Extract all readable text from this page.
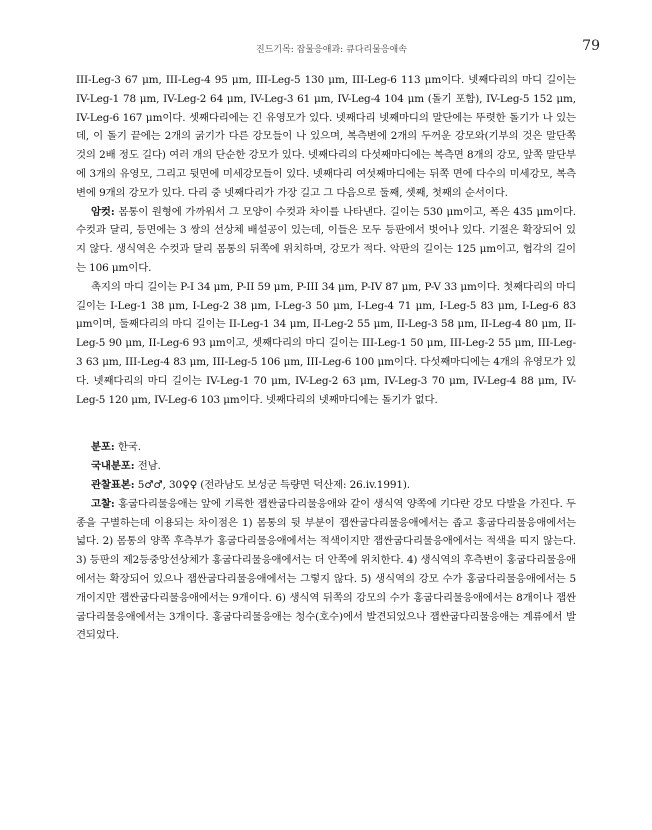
진드기목: 잡물응애과: 큐다리물응애속	79

III-Leg-3 67 μm, III-Leg-4 95 μm, III-Leg-5 130 μm, III-Leg-6 113 μm이다. 넷째다리의 마디 길이는 IV-Leg-1 78 μm, IV-Leg-2 64 μm, IV-Leg-3 61 μm, IV-Leg-4 104 μm (돌기 포함), IV-Leg-5 152 μm, IV-Leg-6 167 μm이다. 셋째다리에는 긴 유영모가 있다. 넷째다리 넷째마디의 말단에는 뚜렷한 돌기가 나 있는데, 이 돌기 끝에는 2개의 굵기가 다른 강모들이 나 있으며, 복측변에 2개의 두꺼운 강모와(기부의 것은 말단쪽 것의 2배 정도 길다) 여러 개의 단순한 강모가 있다. 넷째다리의 다섯째마디에는 복측면 8개의 강모, 앞쪽 말단부에 3개의 유영모, 그리고 뒷면에 미세강모들이 있다. 넷째다리 여섯째마디에는 뒤쪽 면에 다수의 미세강모, 복측변에 9개의 강모가 있다. 다리 중 넷째다리가 가장 길고 그 다음으로 둘째, 셋째, 첫째의 순서이다.

암컷: 몸통이 원형에 가까워서 그 모양이 수컷과 차이를 나타낸다. 길이는 530 μm이고, 폭은 435 μm이다. 수컷과 달리, 등면에는 3 쌍의 선상체 배설공이 있는데, 이들은 모두 등판에서 벗어나 있다. 기절은 확장되어 있지 않다. 생식역은 수컷과 달리 몸통의 뒤쪽에 위치하며, 강모가 적다. 악판의 길이는 125 μm이고, 협각의 길이는 106 μm이다.

촉지의 마디 길이는 P-I 34 μm, P-II 59 μm, P-III 34 μm, P-IV 87 μm, P-V 33 μm이다. 첫째다리의 마디 길이는 I-Leg-1 38 μm, I-Leg-2 38 μm, I-Leg-3 50 μm, I-Leg-4 71 μm, I-Leg-5 83 μm, I-Leg-6 83 μm이며, 둘째다리의 마디 길이는 II-Leg-1 34 μm, II-Leg-2 55 μm, II-Leg-3 58 μm, II-Leg-4 80 μm, II-Leg-5 90 μm, II-Leg-6 93 μm이고, 셋째다리의 마디 길이는 III-Leg-1 50 μm, III-Leg-2 55 μm, III-Leg-3 63 μm, III-Leg-4 83 μm, III-Leg-5 106 μm, III-Leg-6 100 μm이다. 다섯째마디에는 4개의 유영모가 있다. 넷째다리의 마디 길이는 IV-Leg-1 70 μm, IV-Leg-2 63 μm, IV-Leg-3 70 μm, IV-Leg-4 88 μm, IV-Leg-5 120 μm, IV-Leg-6 103 μm이다. 넷째다리의 넷째마디에는 돌기가 없다.

분포: 한국.

국내분포: 전남.

관찰표본: 5♂♂, 30♀♀ (전라남도 보성군 득량면 덕산제: 26.iv.1991).

고찰: 홍굽다리물응애는 앞에 기록한 잽싼굽다리물응애와 같이 생식역 양쪽에 기다란 강모 다발을 가진다. 두 종을 구별하는데 이용되는 차이점은 1) 몸통의 뒷 부분이 잽싼굽다리물응애에서는 좁고 홍굽다리물응애에서는 넓다. 2) 몸통의 양쪽 후측부가 홍굽다리물응애에서는 적색이지만 잽싼굽다리물응애에서는 적색을 띠지 않는다. 3) 등판의 제2등중앙선상체가 홍굽다리물응애에서는 더 안쪽에 위치한다. 4) 생식역의 후측변이 홍굽다리물응애에서는 확장되어 있으나 잽싼굽다리물응애에서는 그렇지 않다. 5) 생식역의 강모 수가 홍굽다리물응애에서는 5개이지만 잽싼굽다리물응애에서는 9개이다. 6) 생식역 뒤쪽의 강모의 수가 홍굽다리물응애에서는 8개이나 잽싼굽다리물응애에서는 3개이다. 홍굽다리물응애는 청수(호수)에서 발견되었으나 잽싼굽다리물응애는 계류에서 발견되었다.
